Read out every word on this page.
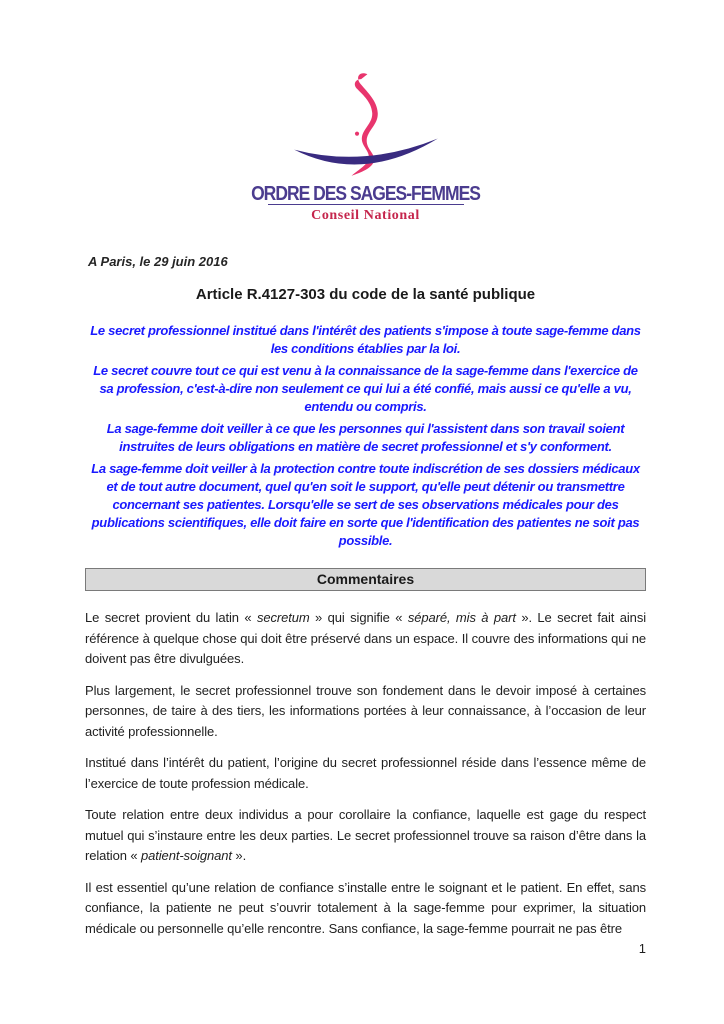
ORDRE DES SAGES-FEMMES
Conseil National

A Paris, le 29 juin 2016

Article R.4127-303 du code de la santé publique

Le secret professionnel institué dans l'intérêt des patients s'impose à toute sage-femme dans les conditions établies par la loi.

Le secret couvre tout ce qui est venu à la connaissance de la sage-femme dans l'exercice de sa profession, c'est-à-dire non seulement ce qui lui a été confié, mais aussi ce qu'elle a vu, entendu ou compris.

La sage-femme doit veiller à ce que les personnes qui l'assistent dans son travail soient instruites de leurs obligations en matière de secret professionnel et s'y conforment.

La sage-femme doit veiller à la protection contre toute indiscrétion de ses dossiers médicaux et de tout autre document, quel qu'en soit le support, qu'elle peut détenir ou transmettre concernant ses patientes. Lorsqu'elle se sert de ses observations médicales pour des publications scientifiques, elle doit faire en sorte que l'identification des patientes ne soit pas possible.

Commentaires

Le secret provient du latin « secretum » qui signifie « séparé, mis à part ». Le secret fait ainsi référence à quelque chose qui doit être préservé dans un espace. Il couvre des informations qui ne doivent pas être divulguées.

Plus largement, le secret professionnel trouve son fondement dans le devoir imposé à certaines personnes, de taire à des tiers, les informations portées à leur connaissance, à l’occasion de leur activité professionnelle.

Institué dans l’intérêt du patient, l’origine du secret professionnel réside dans l’essence même de l’exercice de toute profession médicale.

Toute relation entre deux individus a pour corollaire la confiance, laquelle est gage du respect mutuel qui s’instaure entre les deux parties. Le secret professionnel trouve sa raison d’être dans la relation « patient-soignant ».

Il est essentiel qu’une relation de confiance s’installe entre le soignant et le patient. En effet, sans confiance, la patiente ne peut s’ouvrir totalement à la sage-femme pour exprimer, la situation médicale ou personnelle qu’elle rencontre. Sans confiance, la sage-femme pourrait ne pas être

1
